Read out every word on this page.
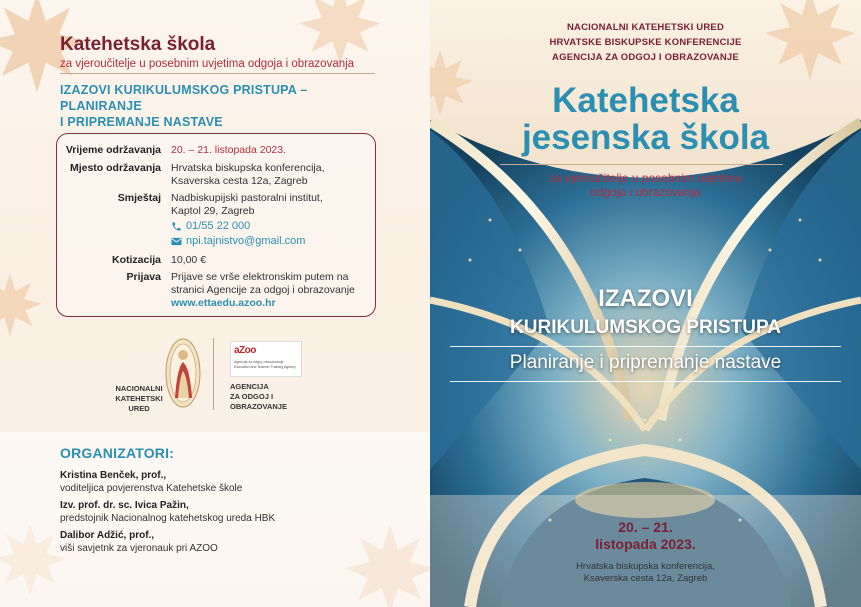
Katehetska škola
za vjeroučitelje u posebnim uvjetima odgoja i obrazovanja
IZAZOVI KURIKULUMSKOG PRISTUPA – PLANIRANJE
I PRIPREMANJE NASTAVE
Vrijeme održavanja 20. – 21. listopada 2023.
Mjesto održavanja Hrvatska biskupska konferencija,
Ksaverska cesta 12a, Zagreb
Smještaj Nadbiskupijski pastoralni institut,
Kaptol 29, Zagreb
01/55 22 000
npi.tajnistvo@gmail.com
Kotizacija 10,00 €
Prijava Prijave se vrše elektronskim putem na
stranici Agencije za odgoj i obrazovanje
www.ettaedu.azoo.hr
NACIONALNI
KATEHETSKI
URED
aZoo
Agencija za odgoj i obrazovanje
Education and Teacher Training Agency
AGENCIJA
ZA ODGOJ I
OBRAZOVANJE
ORGANIZATORI:
Kristina Benček, prof.,
voditeljica povjerenstva Katehetske škole
Izv. prof. dr. sc. Ivica Pažin,
predstojnik Nacionalnog katehetskog ureda HBK
Dalibor Adžić, prof.,
viši savjetnk za vjeronauk pri AZOO
NACIONALNI KATEHETSKI URED
HRVATSKE BISKUPSKE KONFERENCIJE
AGENCIJA ZA ODGOJ I OBRAZOVANJE
Katehetska
jesenska škola
za vjeroučitelje u posebnim uvjetima
odgoja i obrazovanja
IZAZOVI
KURIKULUMSKOG PRISTUPA
Planiranje i pripremanje nastave
20. – 21.
listopada 2023.
Hrvatska biskupska konferencija,
Ksaverska cesta 12a, Zagreb
